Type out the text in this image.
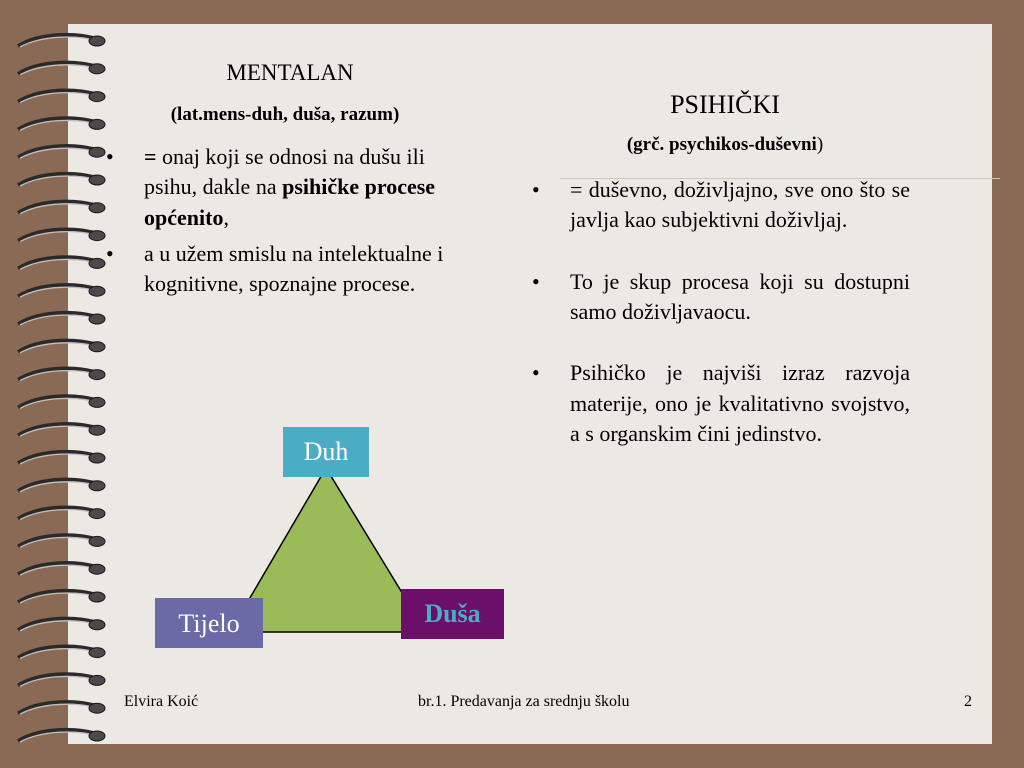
MENTALAN
(lat.mens-duh, duša, razum)
• = onaj koji se odnosi na dušu ili psihu, dakle na psihičke procese općenito,
• a u užem smislu na intelektualne i kognitivne, spoznajne procese.
PSIHIČKI
(grč. psychikos-duševni)
• = duševno, doživljajno, sve ono što se javlja kao subjektivni doživljaj.
• To je skup procesa koji su dostupni samo doživljavaocu.
• Psihičko je najviši izraz razvoja materije, ono je kvalitativno svojstvo, a s organskim čini jedinstvo.
Duh
Tijelo	Duša
Elvira Koić	br.1. Predavanja za srednju školu	2
